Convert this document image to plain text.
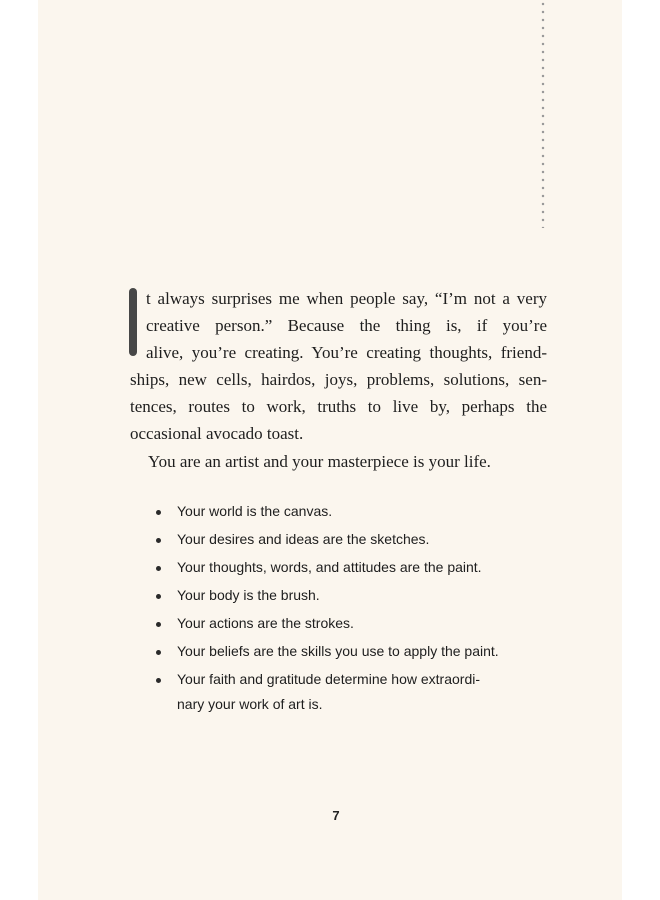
t always surprises me when people say, “I’m not a very
creative person.” Because the thing is, if you’re
alive, you’re creating. You’re creating thoughts, friend-
ships, new cells, hairdos, joys, problems, solutions, sen-
tences, routes to work, truths to live by, perhaps the
occasional avocado toast.
You are an artist and your masterpiece is your life.
Your world is the canvas.
Your desires and ideas are the sketches.
Your thoughts, words, and attitudes are the paint.
Your body is the brush.
Your actions are the strokes.
Your beliefs are the skills you use to apply the paint.
Your faith and gratitude determine how extraordi-
nary your work of art is.
7
